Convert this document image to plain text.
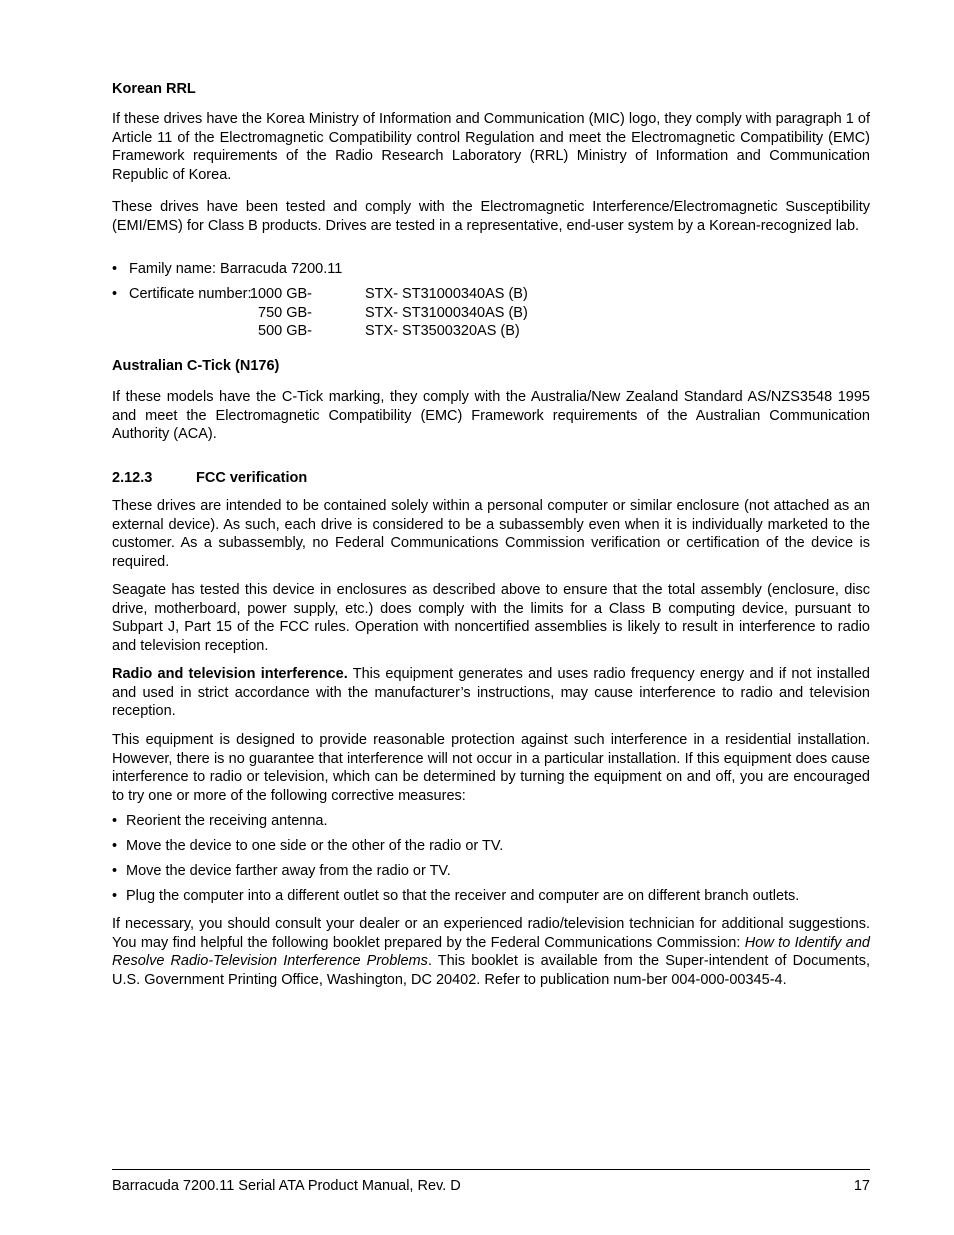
Korean RRL

If these drives have the Korea Ministry of Information and Communication (MIC) logo, they comply with paragraph 1 of Article 11 of the Electromagnetic Compatibility control Regulation and meet the Electromagnetic Compatibility (EMC) Framework requirements of the Radio Research Laboratory (RRL) Ministry of Information and Communication Republic of Korea.

These drives have been tested and comply with the Electromagnetic Interference/Electromagnetic Susceptibility (EMI/EMS) for Class B products. Drives are tested in a representative, end-user system by a Korean-recognized lab.

• Family name: Barracuda 7200.11
• Certificate number:
1000 GB-	STX- ST31000340AS (B)
750 GB-	STX- ST31000340AS (B)
500 GB-	STX- ST3500320AS (B)
Australian C-Tick (N176)

If these models have the C-Tick marking, they comply with the Australia/New Zealand Standard AS/NZS3548 1995 and meet the Electromagnetic Compatibility (EMC) Framework requirements of the Australian Communication Authority (ACA).

2.12.3	FCC verification

These drives are intended to be contained solely within a personal computer or similar enclosure (not attached as an external device). As such, each drive is considered to be a subassembly even when it is individually marketed to the customer. As a subassembly, no Federal Communications Commission verification or certification of the device is required.

Seagate has tested this device in enclosures as described above to ensure that the total assembly (enclosure, disc drive, motherboard, power supply, etc.) does comply with the limits for a Class B computing device, pursuant to Subpart J, Part 15 of the FCC rules. Operation with noncertified assemblies is likely to result in interference to radio and television reception.

Radio and television interference. This equipment generates and uses radio frequency energy and if not installed and used in strict accordance with the manufacturer’s instructions, may cause interference to radio and television reception.

This equipment is designed to provide reasonable protection against such interference in a residential installation. However, there is no guarantee that interference will not occur in a particular installation. If this equipment does cause interference to radio or television, which can be determined by turning the equipment on and off, you are encouraged to try one or more of the following corrective measures:

• Reorient the receiving antenna.
• Move the device to one side or the other of the radio or TV.
• Move the device farther away from the radio or TV.
• Plug the computer into a different outlet so that the receiver and computer are on different branch outlets.

If necessary, you should consult your dealer or an experienced radio/television technician for additional suggestions. You may find helpful the following booklet prepared by the Federal Communications Commission: How to Identify and Resolve Radio-Television Interference Problems. This booklet is available from the Super-intendent of Documents, U.S. Government Printing Office, Washington, DC 20402. Refer to publication num-ber 004-000-00345-4.

Barracuda 7200.11 Serial ATA Product Manual, Rev. D	17
